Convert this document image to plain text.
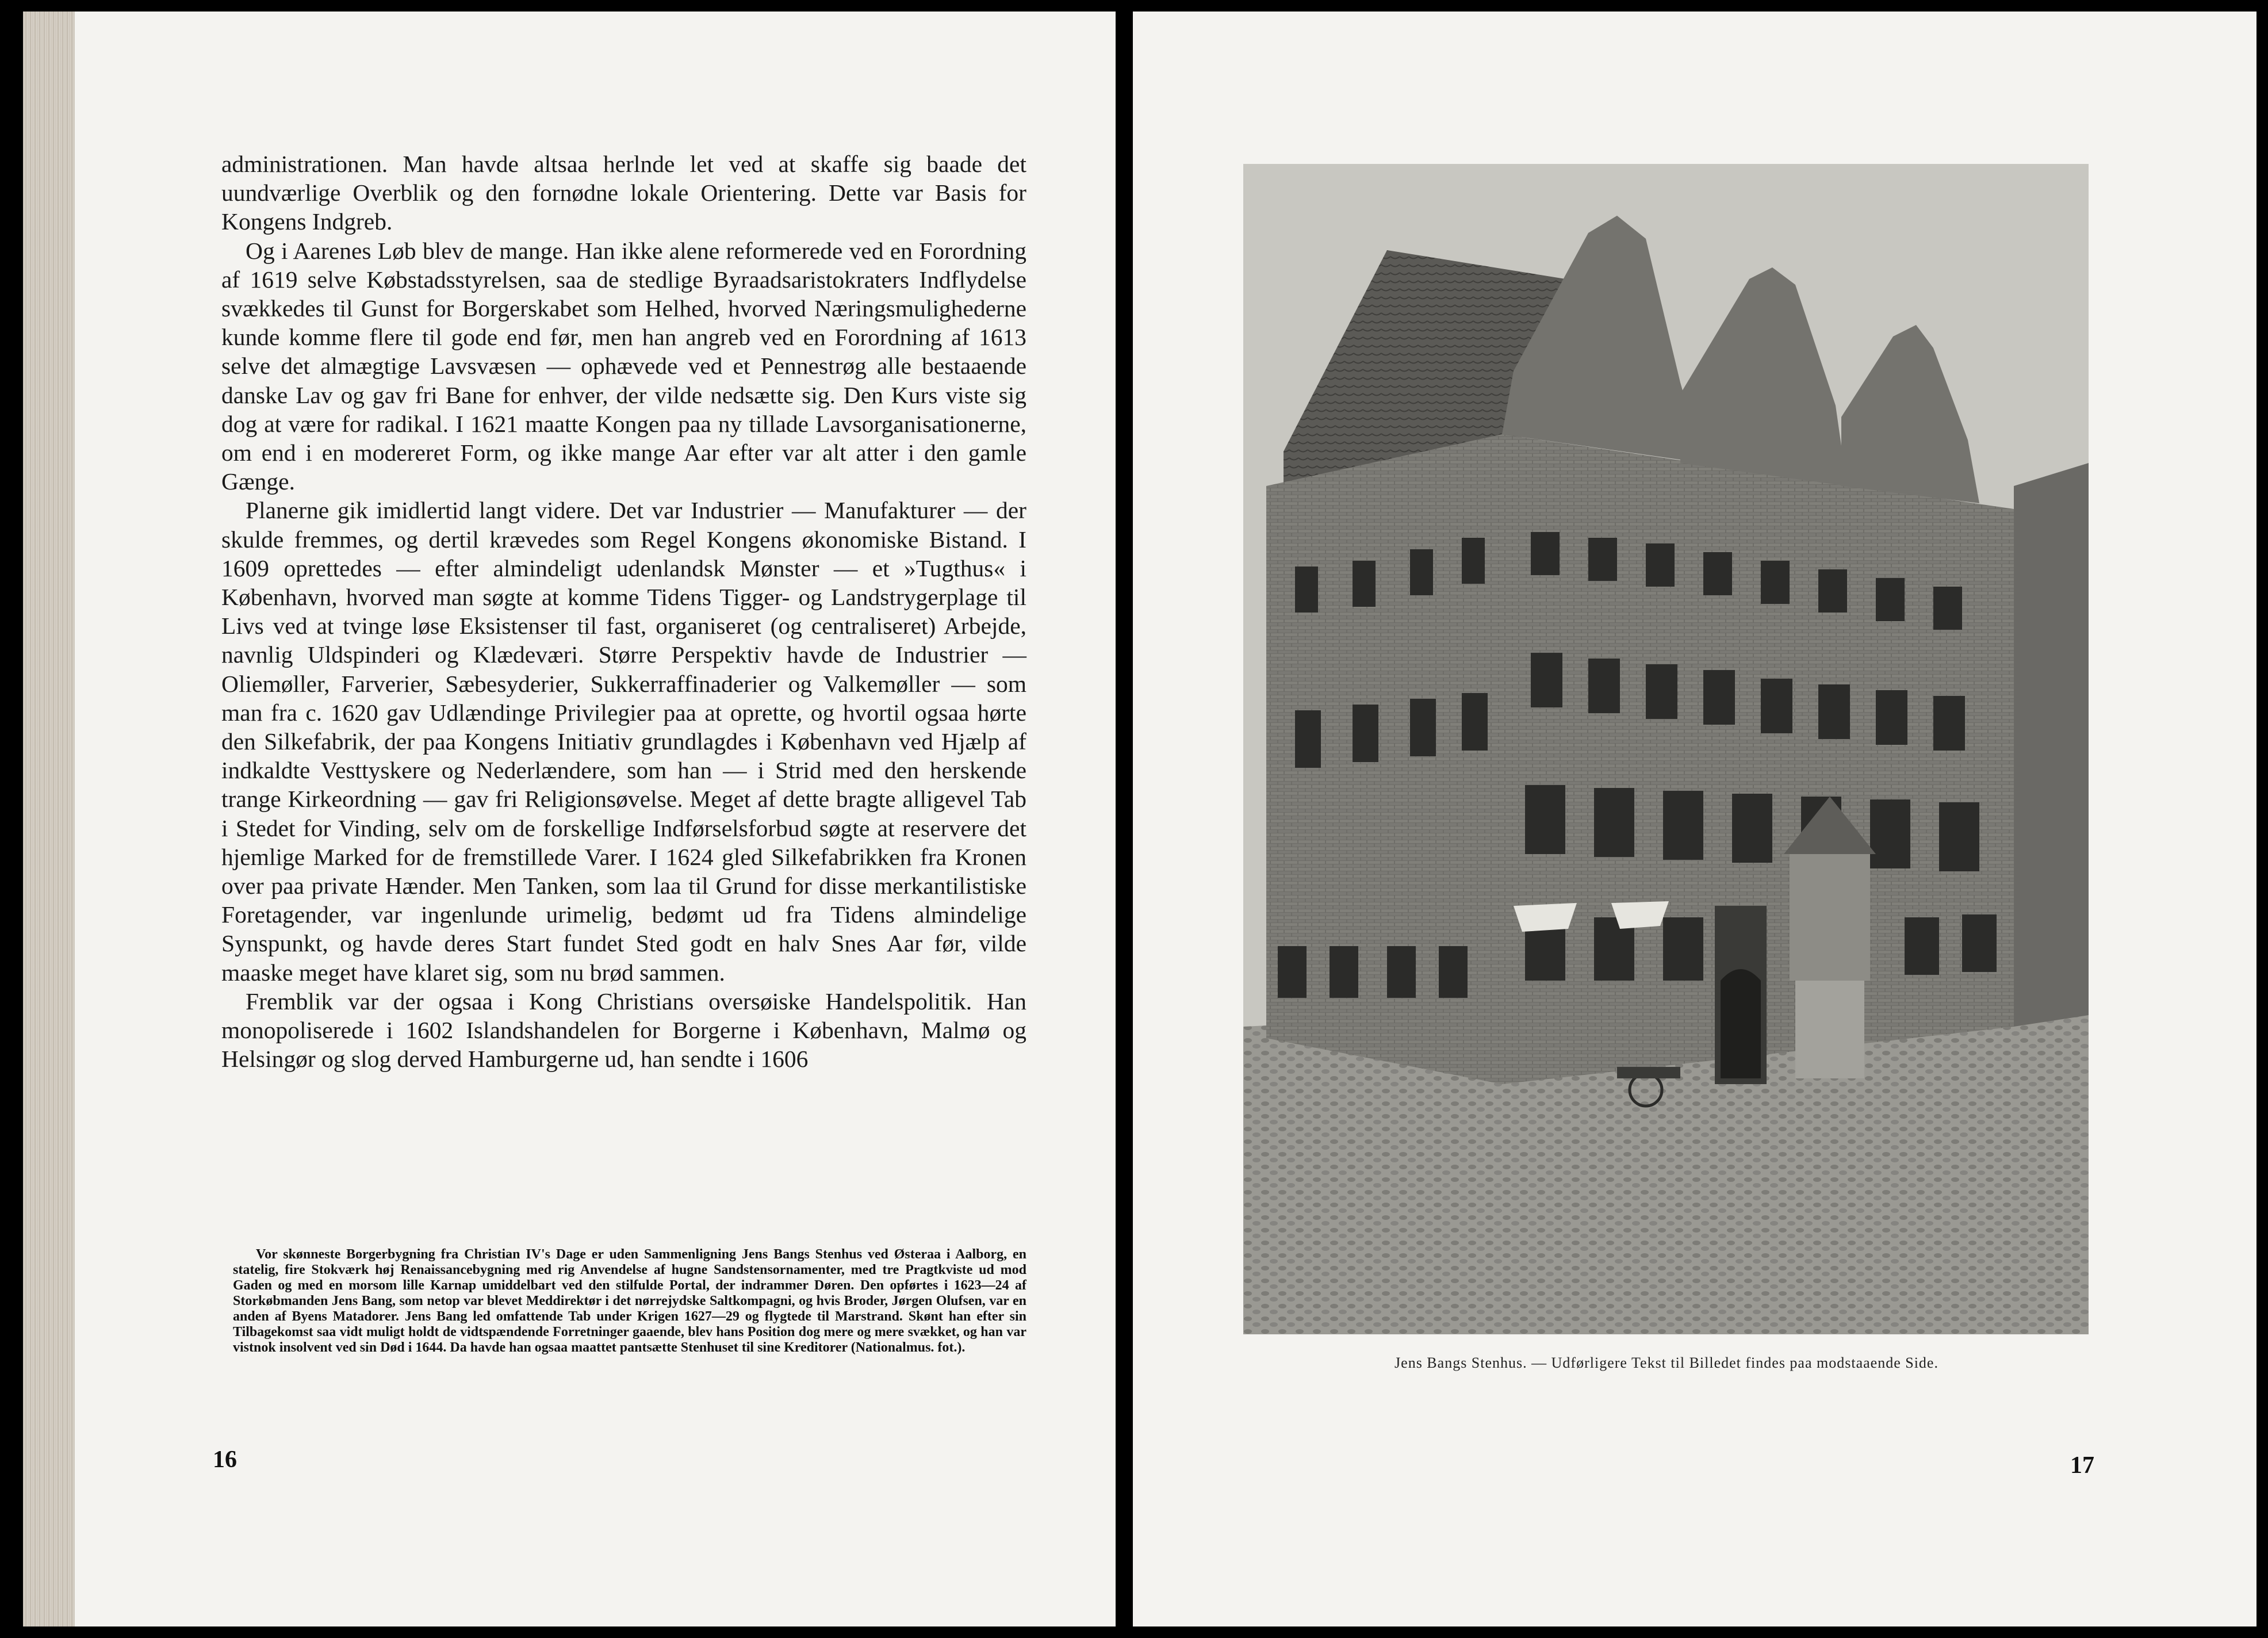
administrationen. Man havde altsaa herlnde let ved at skaffe sig baade det uundværlige Overblik og den fornødne lokale Orientering. Dette var Basis for Kongens Indgreb.

Og i Aarenes Løb blev de mange. Han ikke alene reformerede ved en Forordning af 1619 selve Købstadsstyrelsen, saa de stedlige Byraadsaristokraters Indflydelse svækkedes til Gunst for Borgerskabet som Helhed, hvorved Næringsmulighederne kunde komme flere til gode end før, men han angreb ved en Forordning af 1613 selve det almægtige Lavsvæsen — ophævede ved et Pennestrøg alle bestaaende danske Lav og gav fri Bane for enhver, der vilde nedsætte sig. Den Kurs viste sig dog at være for radikal. I 1621 maatte Kongen paa ny tillade Lavsorganisationerne, om end i en modereret Form, og ikke mange Aar efter var alt atter i den gamle Gænge.

Planerne gik imidlertid langt videre. Det var Industrier — Manufakturer — der skulde fremmes, og dertil krævedes som Regel Kongens økonomiske Bistand. I 1609 oprettedes — efter almindeligt udenlandsk Mønster — et »Tugthus« i København, hvorved man søgte at komme Tidens Tigger- og Landstrygerplage til Livs ved at tvinge løse Eksistenser til fast, organiseret (og centraliseret) Arbejde, navnlig Uldspinderi og Klædeværi. Større Perspektiv havde de Industrier — Oliemøller, Farverier, Sæbesyderier, Sukkerraffinaderier og Valkemøller — som man fra c. 1620 gav Udlændinge Privilegier paa at oprette, og hvortil ogsaa hørte den Silkefabrik, der paa Kongens Initiativ grundlagdes i København ved Hjælp af indkaldte Vesttyskere og Nederlændere, som han — i Strid med den herskende trange Kirkeordning — gav fri Religionsøvelse. Meget af dette bragte alligevel Tab i Stedet for Vinding, selv om de forskellige Indførselsforbud søgte at reservere det hjemlige Marked for de fremstillede Varer. I 1624 gled Silkefabrikken fra Kronen over paa private Hænder. Men Tanken, som laa til Grund for disse merkantilistiske Foretagender, var ingenlunde urimelig, bedømt ud fra Tidens almindelige Synspunkt, og havde deres Start fundet Sted godt en halv Snes Aar før, vilde maaske meget have klaret sig, som nu brød sammen.

Fremblik var der ogsaa i Kong Christians oversøiske Handelspolitik. Han monopoliserede i 1602 Islandshandelen for Borgerne i København, Malmø og Helsingør og slog derved Hamburgerne ud, han sendte i 1606

Vor skønneste Borgerbygning fra Christian IV's Dage er uden Sammenligning Jens Bangs Stenhus ved Østeraa i Aalborg, en statelig, fire Stokværk høj Renaissancebygning med rig Anvendelse af hugne Sandstensornamenter, med tre Pragtkviste ud mod Gaden og med en morsom lille Karnap umiddelbart ved den stilfulde Portal, der indrammer Døren. Den opførtes i 1623—24 af Storkøbmanden Jens Bang, som netop var blevet Meddirektør i det nørrejydske Saltkompagni, og hvis Broder, Jørgen Olufsen, var en anden af Byens Matadorer. Jens Bang led omfattende Tab under Krigen 1627—29 og flygtede til Marstrand. Skønt han efter sin Tilbagekomst saa vidt muligt holdt de vidtspændende Forretninger gaaende, blev hans Position dog mere og mere svækket, og han var vistnok insolvent ved sin Død i 1644. Da havde han ogsaa maattet pantsætte Stenhuset til sine Kreditorer (Nationalmus. fot.).
16
Jens Bangs Stenhus. — Udførligere Tekst til Billedet findes paa modstaaende Side.
17
